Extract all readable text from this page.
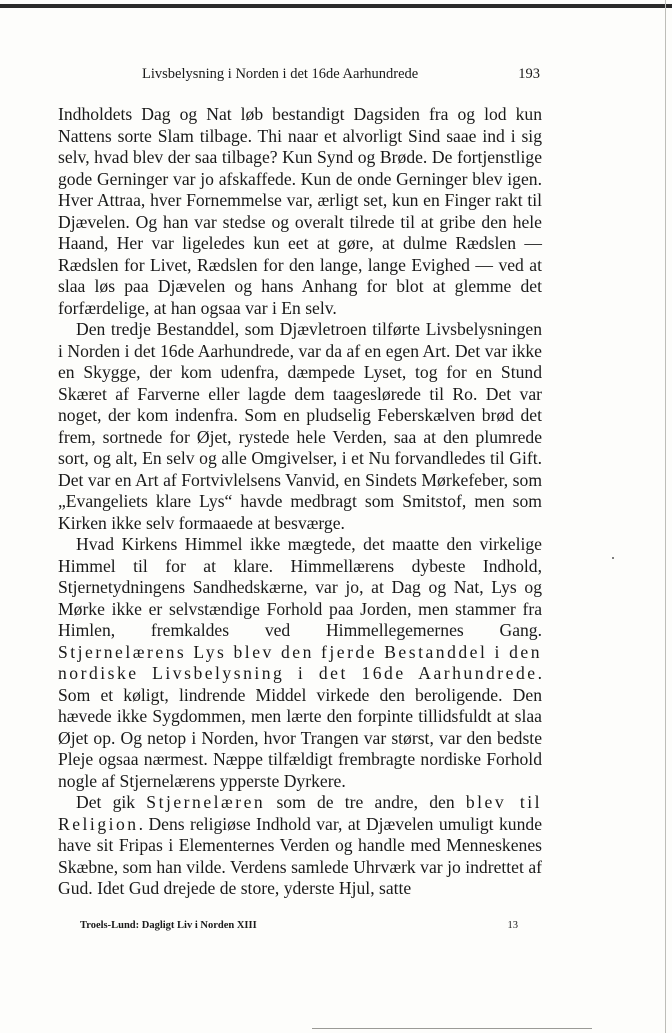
Livsbelysning i Norden i det 16de Aarhundrede	193

Indholdets Dag og Nat løb bestandigt Dagsiden fra og lod kun Nattens sorte Slam tilbage. Thi naar et alvorligt Sind saae ind i sig selv, hvad blev der saa tilbage? Kun Synd og Brøde. De fortjenstlige gode Gerninger var jo afskaffede. Kun de onde Gerninger blev igen. Hver Attraa, hver Fornemmelse var, ærligt set, kun en Finger rakt til Djævelen. Og han var stedse og overalt tilrede til at gribe den hele Haand, Her var ligeledes kun eet at gøre, at dulme Rædslen — Rædslen for Livet, Rædslen for den lange, lange Evighed — ved at slaa løs paa Djævelen og hans Anhang for blot at glemme det forfærdelige, at han ogsaa var i En selv.

Den tredje Bestanddel, som Djævletroen tilførte Livsbelysningen i Norden i det 16de Aarhundrede, var da af en egen Art. Det var ikke en Skygge, der kom udenfra, dæmpede Lyset, tog for en Stund Skæret af Farverne eller lagde dem taageslørede til Ro. Det var noget, der kom indenfra. Som en pludselig Feberskælven brød det frem, sortnede for Øjet, rystede hele Verden, saa at den plumrede sort, og alt, En selv og alle Omgivelser, i et Nu forvandledes til Gift. Det var en Art af Fortvivlelsens Vanvid, en Sindets Mørkefeber, som „Evangeliets klare Lys“ havde medbragt som Smitstof, men som Kirken ikke selv formaaede at besværge.

Hvad Kirkens Himmel ikke mægtede, det maatte den virkelige Himmel til for at klare. Himmellærens dybeste Indhold, Stjernetydningens Sandhedskærne, var jo, at Dag og Nat, Lys og Mørke ikke er selvstændige Forhold paa Jorden, men stammer fra Himlen, fremkaldes ved Himmellegemernes Gang. Stjernelærens Lys blev den fjerde Bestanddel i den nordiske Livsbelysning i det 16de Aarhundrede. Som et køligt, lindrende Middel virkede den beroligende. Den hævede ikke Sygdommen, men lærte den forpinte tillidsfuldt at slaa Øjet op. Og netop i Norden, hvor Trangen var størst, var den bedste Pleje ogsaa nærmest. Næppe tilfældigt frembragte nordiske Forhold nogle af Stjernelærens ypperste Dyrkere.

Det gik Stjernelæren som de tre andre, den blev til Religion. Dens religiøse Indhold var, at Djævelen umuligt kunde have sit Fripas i Elementernes Verden og handle med Menneskenes Skæbne, som han vilde. Verdens samlede Uhrværk var jo indrettet af Gud. Idet Gud drejede de store, yderste Hjul, satte

Troels-Lund: Dagligt Liv i Norden XIII	13
